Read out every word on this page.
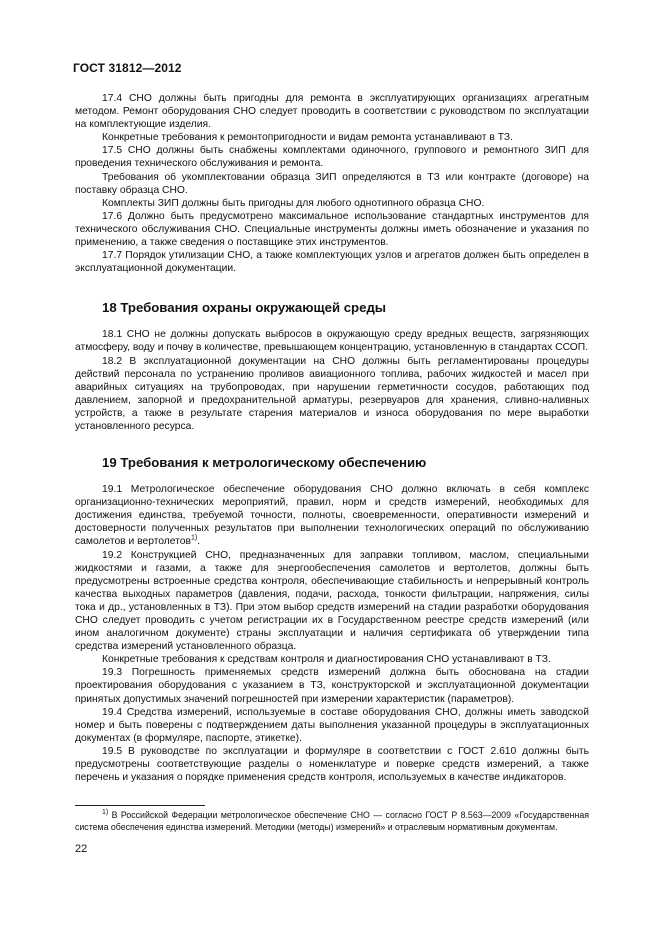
ГОСТ 31812—2012

17.4 СНО должны быть пригодны для ремонта в эксплуатирующих организациях агрегатным методом. Ремонт оборудования СНО следует проводить в соответствии с руководством по эксплуатации на комплектующие изделия.

Конкретные требования к ремонтопригодности и видам ремонта устанавливают в ТЗ.

17.5 СНО должны быть снабжены комплектами одиночного, группового и ремонтного ЗИП для проведения технического обслуживания и ремонта.

Требования об укомплектовании образца ЗИП определяются в ТЗ или контракте (договоре) на поставку образца СНО.

Комплекты ЗИП должны быть пригодны для любого однотипного образца СНО.

17.6 Должно быть предусмотрено максимальное использование стандартных инструментов для технического обслуживания СНО. Специальные инструменты должны иметь обозначение и указания по применению, а также сведения о поставщике этих инструментов.

17.7 Порядок утилизации СНО, а также комплектующих узлов и агрегатов должен быть определен в эксплуатационной документации.

18 Требования охраны окружающей среды

18.1 СНО не должны допускать выбросов в окружающую среду вредных веществ, загрязняющих атмосферу, воду и почву в количестве, превышающем концентрацию, установленную в стандартах ССОП.

18.2 В эксплуатационной документации на СНО должны быть регламентированы процедуры действий персонала по устранению проливов авиационного топлива, рабочих жидкостей и масел при аварийных ситуациях на трубопроводах, при нарушении герметичности сосудов, работающих под давлением, запорной и предохранительной арматуры, резервуаров для хранения, сливно-наливных устройств, а также в результате старения материалов и износа оборудования по мере выработки установленного ресурса.

19 Требования к метрологическому обеспечению

19.1 Метрологическое обеспечение оборудования СНО должно включать в себя комплекс организационно-технических мероприятий, правил, норм и средств измерений, необходимых для достижения единства, требуемой точности, полноты, своевременности, оперативности измерений и достоверности полученных результатов при выполнении технологических операций по обслуживанию самолетов и вертолетов$^{1)}$.

19.2 Конструкцией СНО, предназначенных для заправки топливом, маслом, специальными жидкостями и газами, а также для энергообеспечения самолетов и вертолетов, должны быть предусмотрены встроенные средства контроля, обеспечивающие стабильность и непрерывный контроль качества выходных параметров (давления, подачи, расхода, тонкости фильтрации, напряжения, силы тока и др., установленных в ТЗ). При этом выбор средств измерений на стадии разработки оборудования СНО следует проводить с учетом регистрации их в Государственном реестре средств измерений (или ином аналогичном документе) страны эксплуатации и наличия сертификата об утверждении типа средства измерений установленного образца.

Конкретные требования к средствам контроля и диагностирования СНО устанавливают в ТЗ.

19.3 Погрешность применяемых средств измерений должна быть обоснована на стадии проектирования оборудования с указанием в ТЗ, конструкторской и эксплуатационной документации принятых допустимых значений погрешностей при измерении характеристик (параметров).

19.4 Средства измерений, используемые в составе оборудования СНО, должны иметь заводской номер и быть поверены с подтверждением даты выполнения указанной процедуры в эксплуатационных документах (в формуляре, паспорте, этикетке).

19.5 В руководстве по эксплуатации и формуляре в соответствии с ГОСТ 2.610 должны быть предусмотрены соответствующие разделы о номенклатуре и поверке средств измерений, а также перечень и указания о порядке применения средств контроля, используемых в качестве индикаторов.

$^{1)}$ В Российской Федерации метрологическое обеспечение СНО — согласно ГОСТ Р 8.563—2009 «Государственная система обеспечения единства измерений. Методики (методы) измерений» и отраслевым нормативным документам.
22
